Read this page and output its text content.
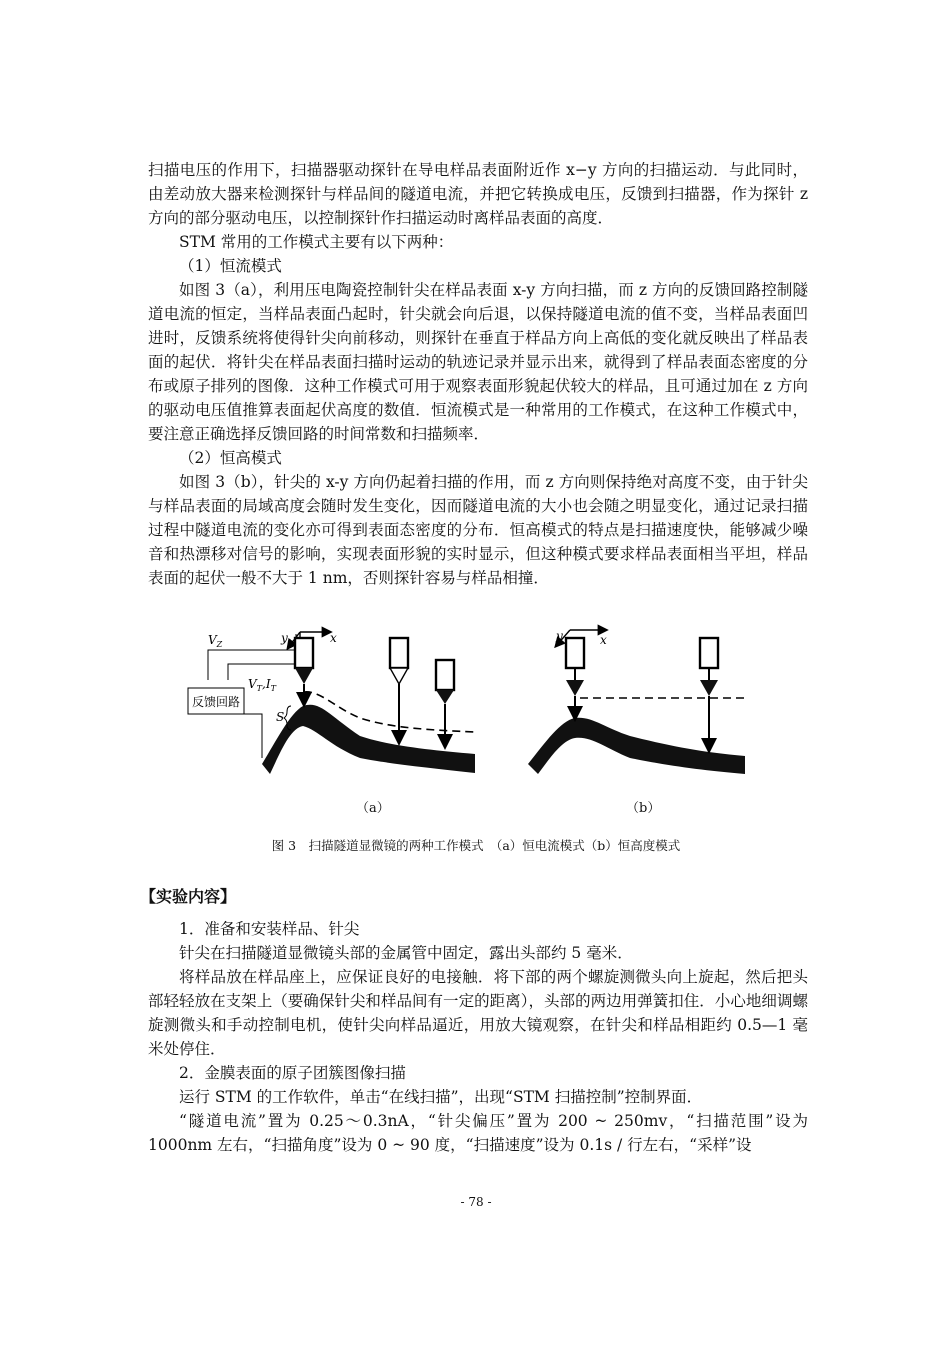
扫描电压的作用下，扫描器驱动探针在导电样品表面附近作 x−y 方向的扫描运动．与此同时，由差动放大器来检测探针与样品间的隧道电流，并把它转换成电压，反馈到扫描器，作为探针 z 方向的部分驱动电压，以控制探针作扫描运动时离样品表面的高度．

STM 常用的工作模式主要有以下两种：

（1）恒流模式

如图 3（a），利用压电陶瓷控制针尖在样品表面 x-y 方向扫描，而 z 方向的反馈回路控制隧道电流的恒定，当样品表面凸起时，针尖就会向后退，以保持隧道电流的值不变，当样品表面凹进时，反馈系统将使得针尖向前移动，则探针在垂直于样品方向上高低的变化就反映出了样品表面的起伏．将针尖在样品表面扫描时运动的轨迹记录并显示出来，就得到了样品表面态密度的分布或原子排列的图像．这种工作模式可用于观察表面形貌起伏较大的样品，且可通过加在 z 方向的驱动电压值推算表面起伏高度的数值．恒流模式是一种常用的工作模式，在这种工作模式中，要注意正确选择反馈回路的时间常数和扫描频率．

（2）恒高模式

如图 3（b），针尖的 x-y 方向仍起着扫描的作用，而 z 方向则保持绝对高度不变，由于针尖与样品表面的局域高度会随时发生变化，因而隧道电流的大小也会随之明显变化，通过记录扫描过程中隧道电流的变化亦可得到表面态密度的分布．恒高模式的特点是扫描速度快，能够减少噪音和热漂移对信号的影响，实现表面形貌的实时显示，但这种模式要求样品表面相当平坦，样品表面的起伏一般不大于 1 nm，否则探针容易与样品相撞．

反馈回路
x
y
$V_Z$
$V_T,I_T$
S
x
y
（a）	（b）
图 3　扫描隧道显微镜的两种工作模式　（a）恒电流模式（b）恒高度模式
【实验内容】

1．准备和安装样品、针尖

针尖在扫描隧道显微镜头部的金属管中固定，露出头部约 5 毫米．

将样品放在样品座上，应保证良好的电接触．将下部的两个螺旋测微头向上旋起，然后把头部轻轻放在支架上（要确保针尖和样品间有一定的距离），头部的两边用弹簧扣住．小心地细调螺旋测微头和手动控制电机，使针尖向样品逼近，用放大镜观察，在针尖和样品相距约 0.5—1 毫米处停住．

2．金膜表面的原子团簇图像扫描

运行 STM 的工作软件，单击“在线扫描”，出现“STM 扫描控制”控制界面．

“隧道电流”置为 0.25～0.3nA，“针尖偏压”置为 200 ~ 250mv，“扫描范围”设为 1000nm 左右，“扫描角度”设为 0 ~ 90 度，“扫描速度”设为 0.1s / 行左右，“采样”设

- 78 -
